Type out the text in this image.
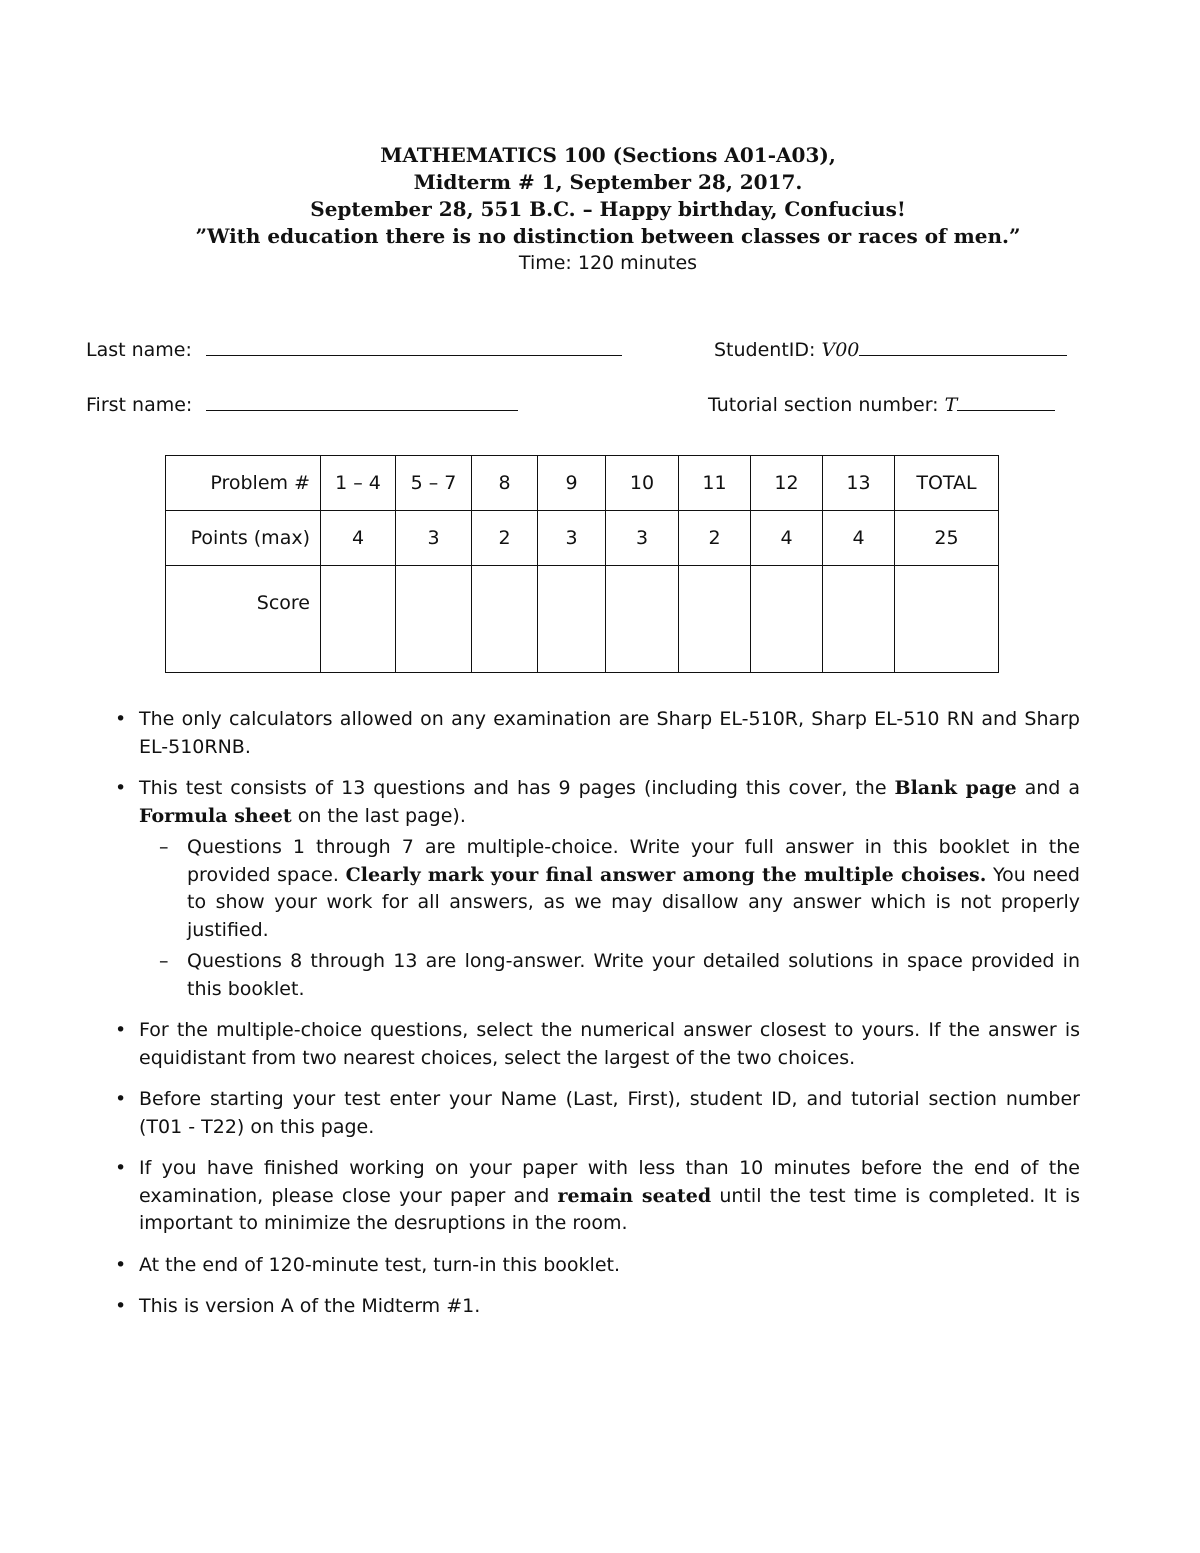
MATHEMATICS 100 (Sections A01-A03),
Midterm # 1, September 28, 2017.
September 28, 551 B.C. – Happy birthday, Confucius!
”With education there is no distinction between classes or races of men.”
Time: 120 minutes
Last name:	StudentID: V00
First name:	Tutorial section number: T
Problem #	1 – 4	5 – 7	8	9	10	11	12	13	TOTAL
Points (max)	4	3	2	3	3	2	4	4	25
Score									
• The only calculators allowed on any examination are Sharp EL-510R, Sharp EL-510 RN and Sharp EL-510RNB.
• This test consists of 13 questions and has 9 pages (including this cover, the Blank page and a Formula sheet on the last page).
– Questions 1 through 7 are multiple-choice. Write your full answer in this booklet in the provided space. Clearly mark your final answer among the multiple choises. You need to show your work for all answers, as we may disallow any answer which is not properly justified.
– Questions 8 through 13 are long-answer. Write your detailed solutions in space provided in this booklet.
• For the multiple-choice questions, select the numerical answer closest to yours. If the answer is equidistant from two nearest choices, select the largest of the two choices.
• Before starting your test enter your Name (Last, First), student ID, and tutorial section number (T01 - T22) on this page.
• If you have finished working on your paper with less than 10 minutes before the end of the examination, please close your paper and remain seated until the test time is completed. It is important to minimize the desruptions in the room.
• At the end of 120-minute test, turn-in this booklet.
• This is version A of the Midterm #1.
